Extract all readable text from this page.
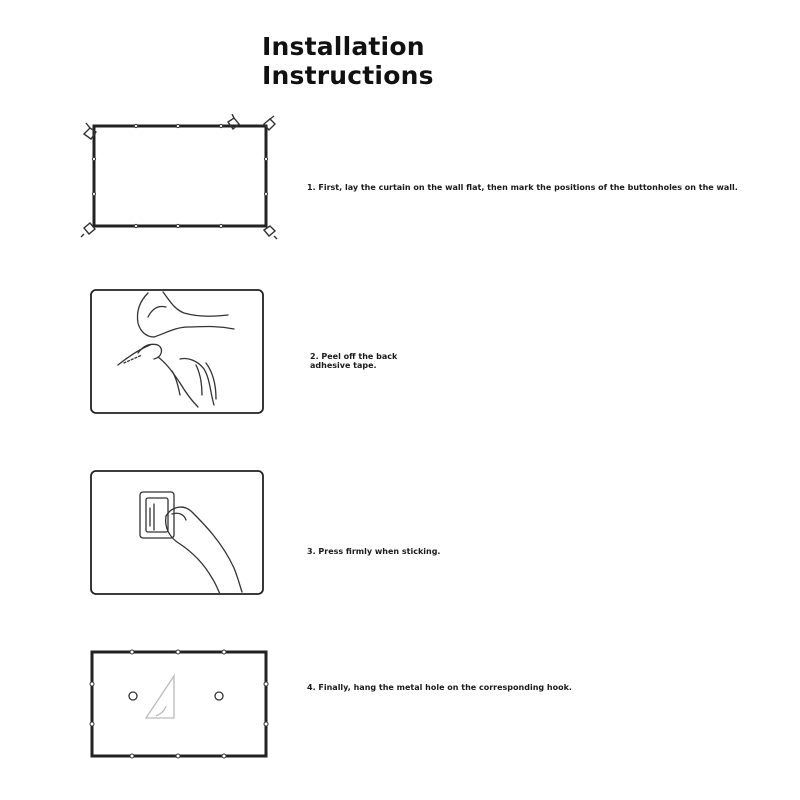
Installation
Instructions

1. First, lay the curtain on the wall flat, then mark the positions of the buttonholes on the wall.

2. Peel off the back adhesive tape.

3. Press firmly when sticking.

4. Finally, hang the metal hole on the corresponding hook.
